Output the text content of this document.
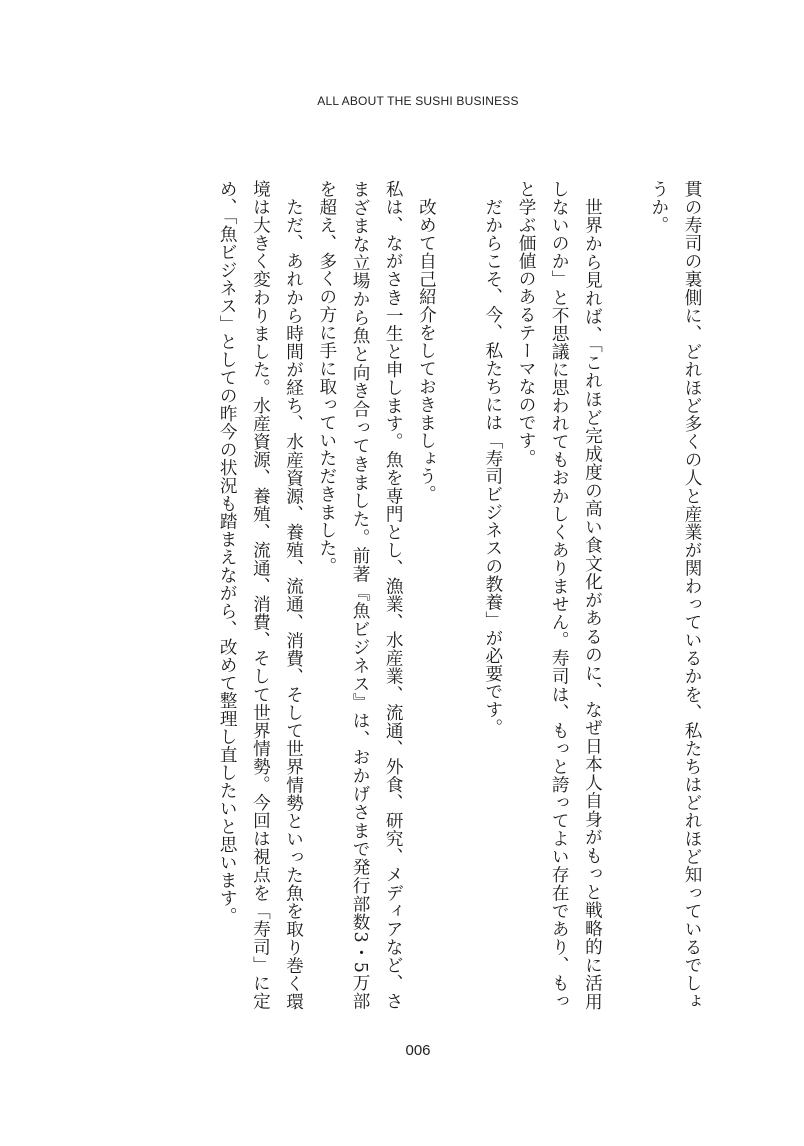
ALL ABOUT THE SUSHI BUSINESS

貫の寿司の裏側に、どれほど多くの人と産業が関わっているかを、私たちはどれほど知っているでしょうか。

世界から見れば、「これほど完成度の高い食文化があるのに、なぜ日本人自身がもっと戦略的に活用しないのか」と不思議に思われてもおかしくありません。寿司は、もっと誇ってよい存在であり、もっと学ぶ価値のあるテーマなのです。

だからこそ、今、私たちには「寿司ビジネスの教養」が必要です。

改めて自己紹介をしておきましょう。

私は、ながさき一生と申します。魚を専門とし、漁業、水産業、流通、外食、研究、メディアなど、さまざまな立場から魚と向き合ってきました。前著『魚ビジネス』は、おかげさまで発行部数3・5万部を超え、多くの方に手に取っていただきました。

ただ、あれから時間が経ち、水産資源、養殖、流通、消費、そして世界情勢といった魚を取り巻く環境は大きく変わりました。水産資源、養殖、流通、消費、そして世界情勢。今回は視点を「寿司」に定め、「魚ビジネス」としての昨今の状況も踏まえながら、改めて整理し直したいと思います。

006
